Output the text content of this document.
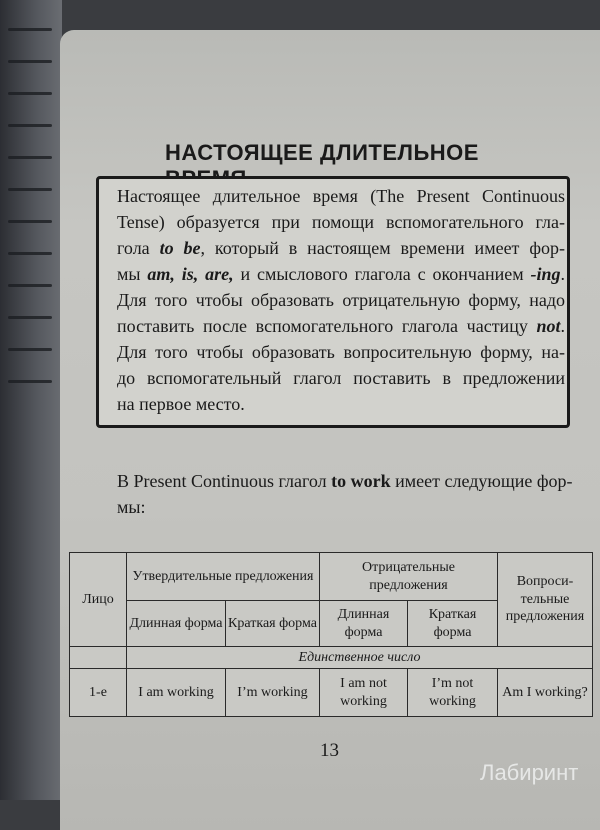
НАСТОЯЩЕЕ ДЛИТЕЛЬНОЕ
Настоящее длительное время (The Present Continuous
Tense) образуется при помощи вспомогательного гла-
гола to be, который в настоящем времени имеет фор-
мы am, is, are, и смыслового глагола с окончанием -ing.
Для того чтобы образовать отрицательную форму, надо
поставить после вспомогательного глагола частицу not.
Для того чтобы образовать вопросительную форму, на-
до вспомогательный глагол поставить в предложении
на первое место.
В Present Continuous глагол to work имеет следующие фор-
мы:
Лицо	Утвердительные предложения		Отрицательные предложения		Вопроси-тельные предложения
	Длинная форма	Краткая форма	Длинная форма	Краткая форма	
	Единственное число				
1-е	I am working	I’m working	I am not working	I’m not working	Am I working?
13
Лабиринт
